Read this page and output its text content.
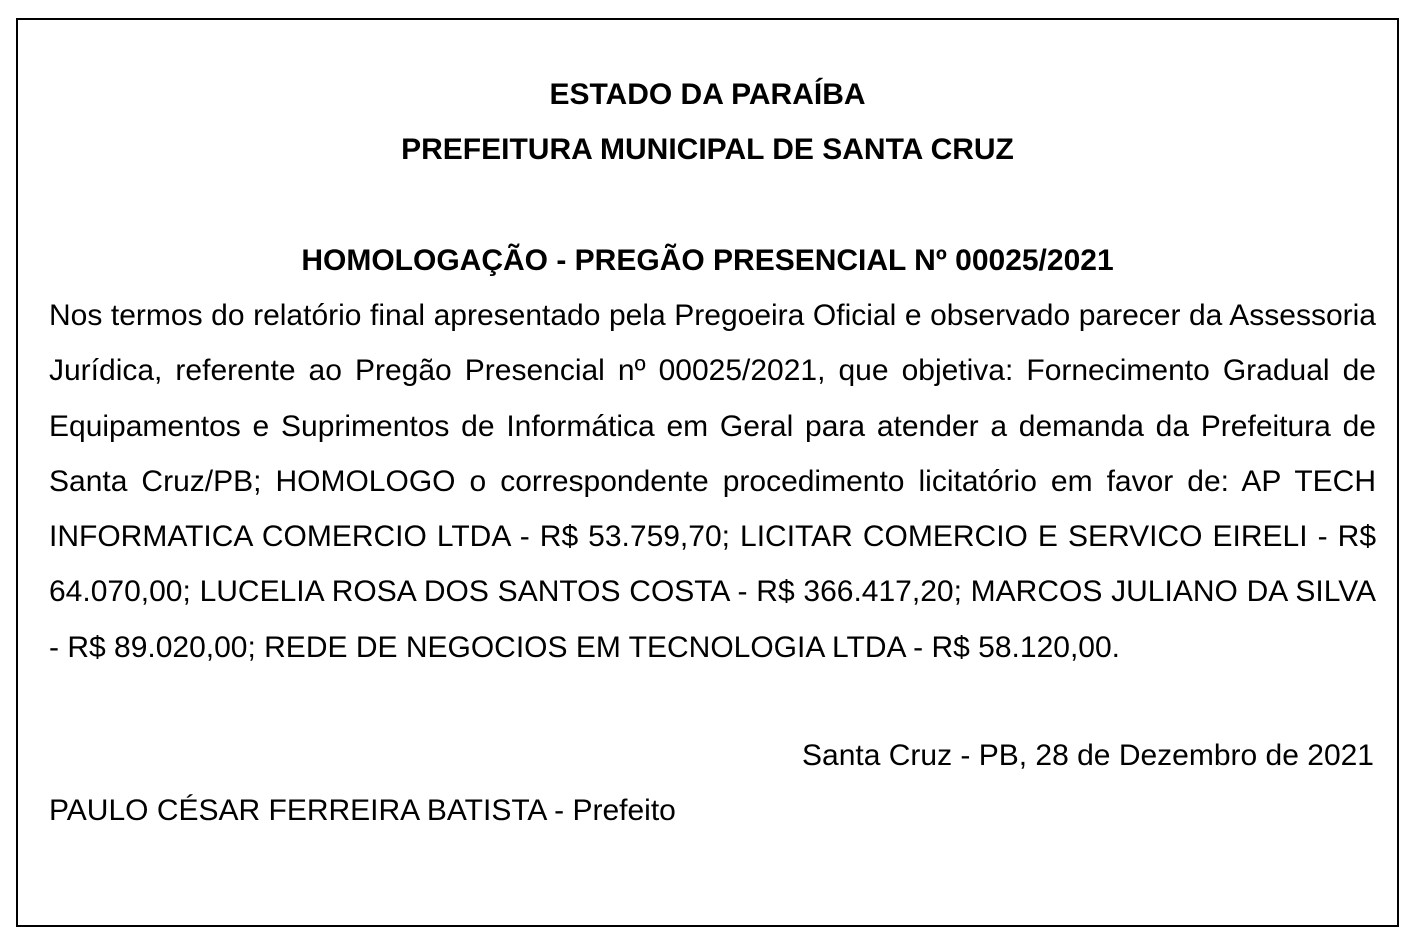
ESTADO DA PARAÍBA
PREFEITURA MUNICIPAL DE SANTA CRUZ
HOMOLOGAÇÃO - PREGÃO PRESENCIAL Nº 00025/2021

Nos termos do relatório final apresentado pela Pregoeira Oficial e observado parecer da Assessoria Jurídica, referente ao Pregão Presencial nº 00025/2021, que objetiva: Fornecimento Gradual de Equipamentos e Suprimentos de Informática em Geral para atender a demanda da Prefeitura de Santa Cruz/PB; HOMOLOGO o correspondente procedimento licitatório em favor de: AP TECH INFORMATICA COMERCIO LTDA - R$ 53.759,70; LICITAR COMERCIO E SERVICO EIRELI - R$ 64.070,00; LUCELIA ROSA DOS SANTOS COSTA - R$ 366.417,20; MARCOS JULIANO DA SILVA - R$ 89.020,00; REDE DE NEGOCIOS EM TECNOLOGIA LTDA - R$ 58.120,00.

Santa Cruz - PB, 28 de Dezembro de 2021
PAULO CÉSAR FERREIRA BATISTA - Prefeito
